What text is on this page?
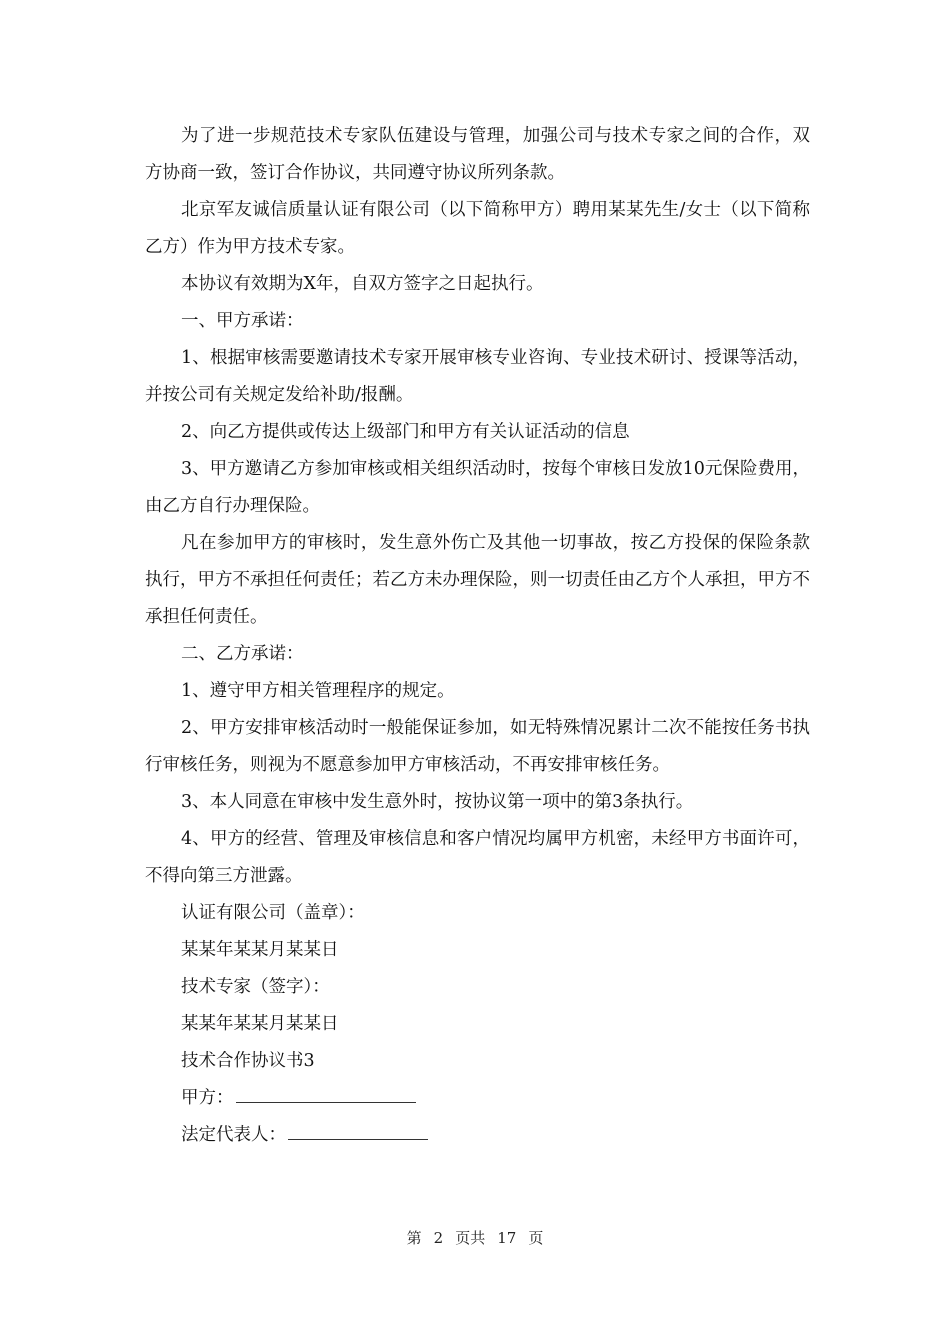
为了进一步规范技术专家队伍建设与管理，加强公司与技术专家之间的合作，双方协商一致，签订合作协议，共同遵守协议所列条款。

北京军友诚信质量认证有限公司（以下简称甲方）聘用某某先生/女士（以下简称乙方）作为甲方技术专家。

本协议有效期为X年，自双方签字之日起执行。

一、甲方承诺：

1、根据审核需要邀请技术专家开展审核专业咨询、专业技术研讨、授课等活动，并按公司有关规定发给补助/报酬。

2、向乙方提供或传达上级部门和甲方有关认证活动的信息

3、甲方邀请乙方参加审核或相关组织活动时，按每个审核日发放10元保险费用，由乙方自行办理保险。

凡在参加甲方的审核时，发生意外伤亡及其他一切事故，按乙方投保的保险条款执行，甲方不承担任何责任；若乙方未办理保险，则一切责任由乙方个人承担，甲方不承担任何责任。

二、乙方承诺：

1、遵守甲方相关管理程序的规定。

2、甲方安排审核活动时一般能保证参加，如无特殊情况累计二次不能按任务书执行审核任务，则视为不愿意参加甲方审核活动，不再安排审核任务。

3、本人同意在审核中发生意外时，按协议第一项中的第3条执行。

4、甲方的经营、管理及审核信息和客户情况均属甲方机密，未经甲方书面许可，不得向第三方泄露。

认证有限公司（盖章）：

某某年某某月某某日

技术专家（签字）：

某某年某某月某某日

技术合作协议书3

甲方：

法定代表人：

第 2 页共 17 页
